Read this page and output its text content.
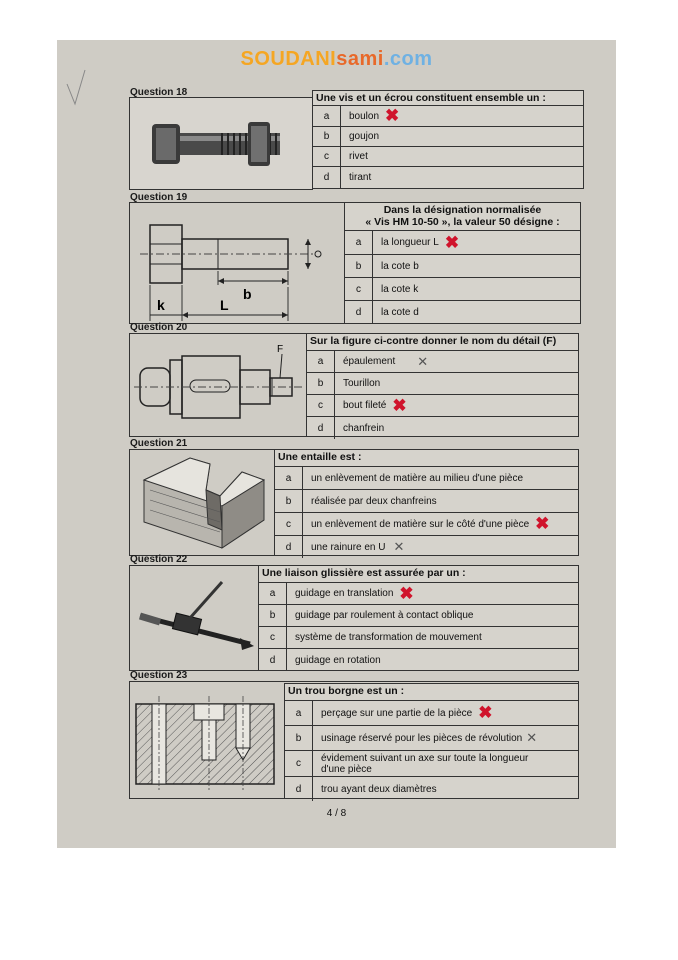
SOUDANIsami.com
Question 18	Une vis et un écrou constituent ensemble un :
a	boulon ✖
b	goujon
c	rivet
d	tirant
Question 19
b
k	L
Dans la désignation normalisée
« Vis HM 10-50 », la valeur 50 désigne :
a	la longueur L ✖
b	la cote b
c	la cote k
d	la cote d
Question 20
F
Sur la figure ci-contre donner le nom du détail (F)
a	épaulement ✕
b	Tourillon
c	bout fileté ✖
d	chanfrein
Question 21
Une entaille est :
a	un enlèvement de matière au milieu d'une pièce
b	réalisée par deux chanfreins
c	un enlèvement de matière sur le côté d'une pièce ✖
d	une rainure en U ✕
Question 22
Une liaison glissière est assurée par un :
a	guidage en translation ✖
b	guidage par roulement à contact oblique
c	système de transformation de mouvement
d	guidage en rotation
Question 23
Un trou borgne est un :
a	perçage sur une partie de la pièce ✖
b	usinage réservé pour les pièces de révolution ✕
c	évidement suivant un axe sur toute la longueur
d'une pièce
d	trou ayant deux diamètres
4 / 8
